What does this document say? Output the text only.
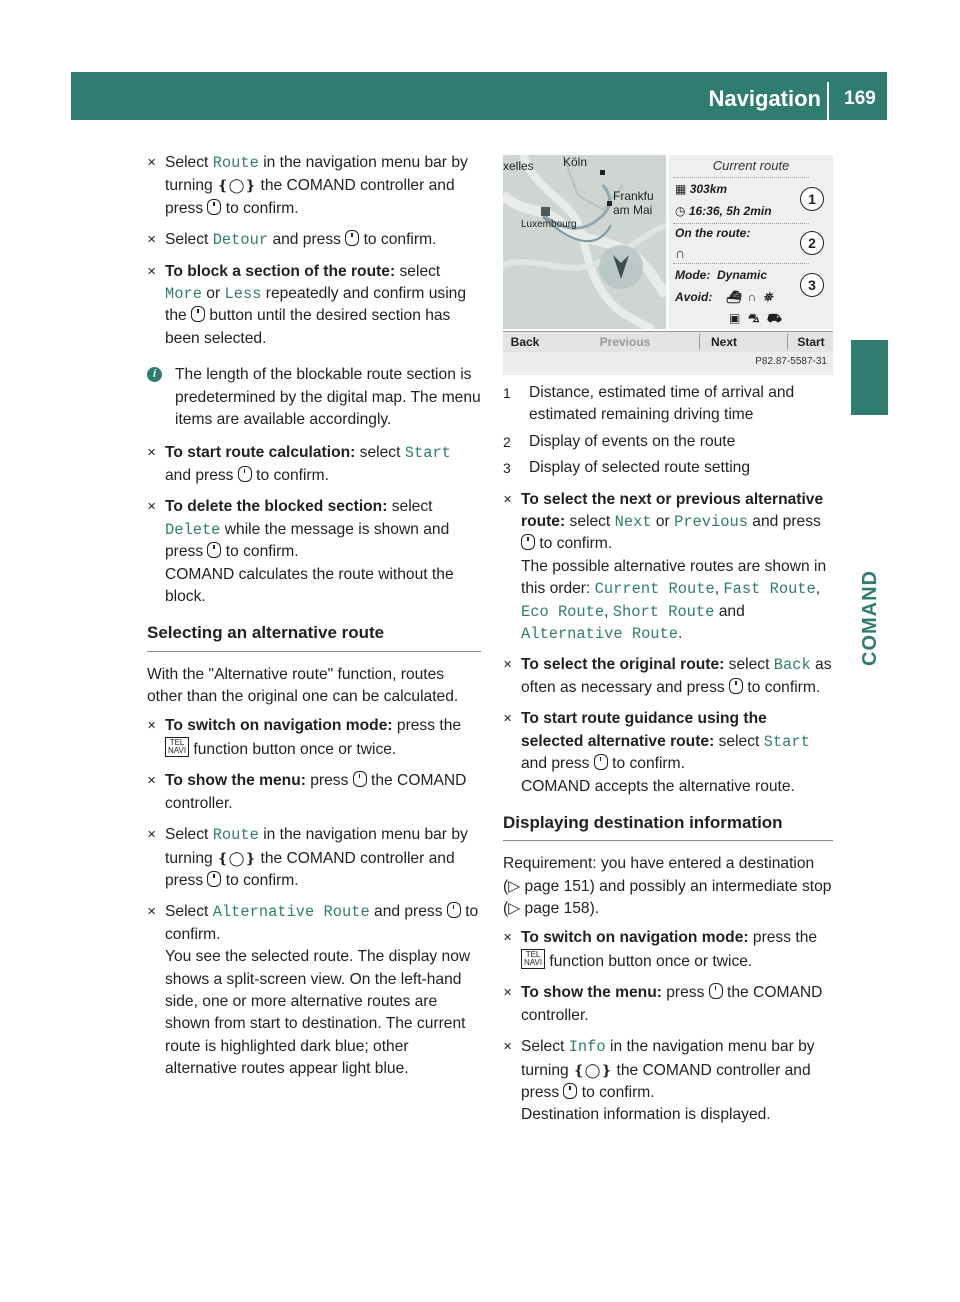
Navigation	169
COMAND
✕ Select Route in the navigation menu bar by turning ❴◯❵ the COMAND controller and press  to confirm.
✕ Select Detour and press  to confirm.
✕ To block a section of the route: select More or Less repeatedly and confirm using the  button until the desired section has been selected.
i	The length of the blockable route section is predetermined by the digital map. The menu items are available accordingly.
✕ To start route calculation: select Start and press  to confirm.
✕ To delete the blocked section: select Delete while the message is shown and press  to confirm.
COMAND calculates the route without the block.
Selecting an alternative route
With the "Alternative route" function, routes other than the original one can be calculated.
✕ To switch on navigation mode: press the TEL
NAVI function button once or twice.
✕ To show the menu: press  the COMAND controller.
✕ Select Route in the navigation menu bar by turning ❴◯❵ the COMAND controller and press  to confirm.
✕ Select Alternative Route and press  to confirm.
You see the selected route. The display now shows a split-screen view. On the left-hand side, one or more alternative routes are shown from start to destination. The current route is highlighted dark blue; other alternative routes appear light blue.
xelles Köln
Frankfu
am Mai
Luxembourg
Current route
▦ 303km
◷ 16:36, 5h 2min
On the route:
∩
Mode: Dynamic
Avoid: ⛴ ∩ ⛯
▣ ⛍ ⛟
1
2
3
Back	Previous	Next	Start
P82.87-5587-31
1 Distance, estimated time of arrival and estimated remaining driving time
2 Display of events on the route
3 Display of selected route setting
✕ To select the next or previous alternative route: select Next or Previous and press  to confirm.
The possible alternative routes are shown in this order: Current Route, Fast Route, Eco Route, Short Route and Alternative Route.
✕ To select the original route: select Back as often as necessary and press  to confirm.
✕ To start route guidance using the selected alternative route: select Start and press  to confirm.
COMAND accepts the alternative route.
Displaying destination information
Requirement: you have entered a destination (▷ page 151) and possibly an intermediate stop (▷ page 158).
✕ To switch on navigation mode: press the TEL
NAVI function button once or twice.
✕ To show the menu: press  the COMAND controller.
✕ Select Info in the navigation menu bar by turning ❴◯❵ the COMAND controller and press  to confirm.
Destination information is displayed.
